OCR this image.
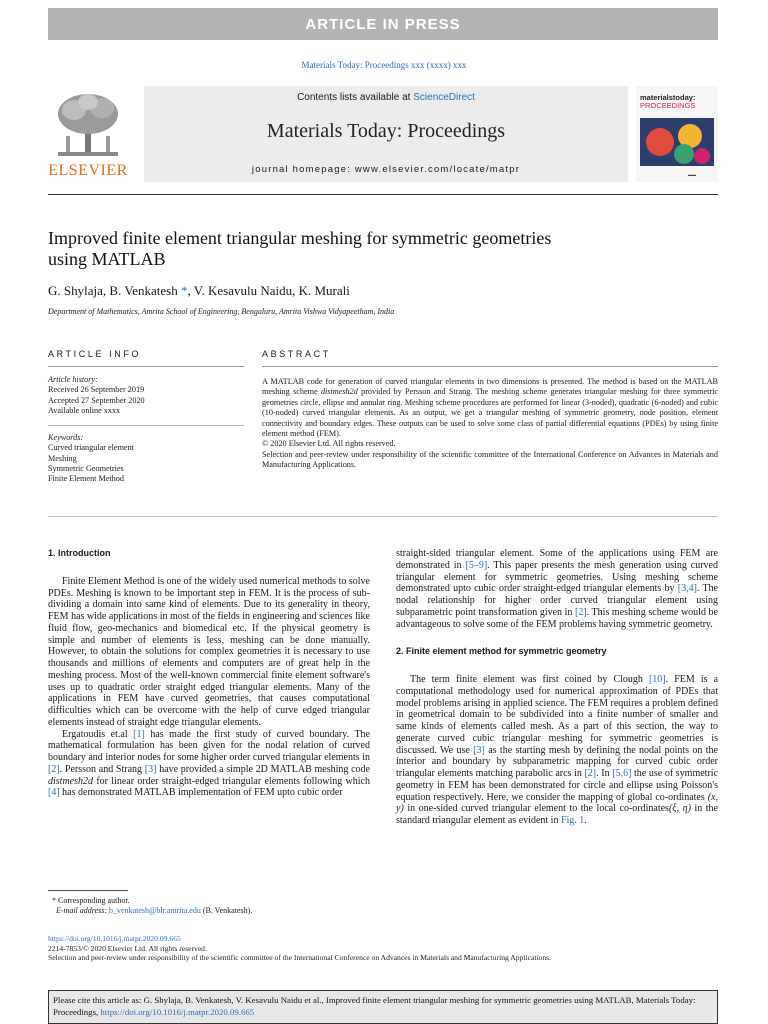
ARTICLE IN PRESS
Materials Today: Proceedings xxx (xxxx) xxx
ELSEVIER
Contents lists available at ScienceDirect
Materials Today: Proceedings
journal homepage: www.elsevier.com/locate/matpr
materialstoday:
PROCEEDINGS
▬▬
Improved finite element triangular meshing for symmetric geometries
using MATLAB
G. Shylaja, B. Venkatesh *, V. Kesavulu Naidu, K. Murali
Department of Mathematics, Amrita School of Engineering, Bengaluru, Amrita Vishwa Vidyapeetham, India
ARTICLE INFO	ABSTRACT
Article history:
Received 26 September 2019
Accepted 27 September 2020
Available online xxxx
Keywords:
Curved triangular element
Meshing
Symmetric Geometries
Finite Element Method

A MATLAB code for generation of curved triangular elements in two dimensions is presented. The method is based on the MATLAB meshing scheme distmesh2d provided by Persson and Strang. The meshing scheme generates triangular meshing for three symmetric geometries circle, ellipse and annular ring. Meshing scheme procedures are performed for linear (3-noded), quadratic (6-noded) and cubic (10-noded) curved triangular elements. As an output, we get a triangular meshing of symmetric geometry, node position, element connectivity and boundary edges. These outputs can be used to solve some class of partial differential equations (PDEs) by using finite element method (FEM).

© 2020 Elsevier Ltd. All rights reserved.

Selection and peer-review under responsibility of the scientific committee of the International Conference on Advances in Materials and Manufacturing Applications.

1. Introduction

Finite Element Method is one of the widely used numerical methods to solve PDEs. Meshing is known to be important step in FEM. It is the process of sub-dividing a domain into same kind of elements. Due to its generality in theory, FEM has wide applications in most of the fields in engineering and sciences like fluid flow, geo-mechanics and biomedical etc. If the physical geometry is simple and number of elements is less, meshing can be done manually. However, to obtain the solutions for complex geometries it is necessary to use thousands and millions of elements and computers are of great help in the meshing process. Most of the well-known commercial finite element software's uses up to quadratic order straight edged triangular elements. Many of the applications in FEM have curved geometries, that causes computational difficulties which can be overcome with the help of curve edged triangular elements instead of straight edge triangular elements.

Ergatoudis et.al [1] has made the first study of curved boundary. The mathematical formulation has been given for the nodal relation of curved boundary and interior nodes for some higher order curved triangular elements in [2]. Persson and Strang [3] have provided a simple 2D MATLAB meshing code distmesh2d for linear order straight-edged triangular elements following which [4] has demonstrated MATLAB implementation of FEM upto cubic order

straight-sided triangular element. Some of the applications using FEM are demonstrated in [5–9]. This paper presents the mesh generation using curved triangular element for symmetric geometries. Using meshing scheme demonstrated upto cubic order straight-edged triangular elements by [3,4]. The nodal relationship for higher order curved triangular element using subparametric point transformation given in [2]. This meshing scheme would be advantageous to solve some of the FEM problems having symmetric geometry.

2. Finite element method for symmetric geometry

The term finite element was first coined by Clough [10]. FEM is a computational methodology used for numerical approximation of PDEs that model problems arising in applied science. The FEM requires a problem defined in geometrical domain to be subdivided into a finite number of smaller and same kinds of elements called mesh. As a part of this section, the way to generate curved cubic triangular meshing for symmetric geometries is discussed. We use [3] as the starting mesh by defining the nodal points on the interior and boundary by subparametric mapping for curved cubic order triangular elements matching parabolic arcs in [2]. In [5,6] the use of symmetric geometry in FEM has been demonstrated for circle and ellipse using Poisson's equation respectively. Here, we consider the mapping of global co-ordinates (x, y) in one-sided curved triangular element to the local co-ordinates(ξ, η) in the standard triangular element as evident in Fig. 1.

* Corresponding author.
E-mail address: b_venkatesh@blr.amrita.edu (B. Venkatesh).
https://doi.org/10.1016/j.matpr.2020.09.665
2214-7853/© 2020 Elsevier Ltd. All rights reserved.
Selection and peer-review under responsibility of the scientific committee of the International Conference on Advances in Materials and Manufacturing Applications.
Please cite this article as: G. Shylaja, B. Venkatesh, V. Kesavulu Naidu et al., Improved finite element triangular meshing for symmetric geometries using MATLAB, Materials Today: Proceedings, https://doi.org/10.1016/j.matpr.2020.09.665
